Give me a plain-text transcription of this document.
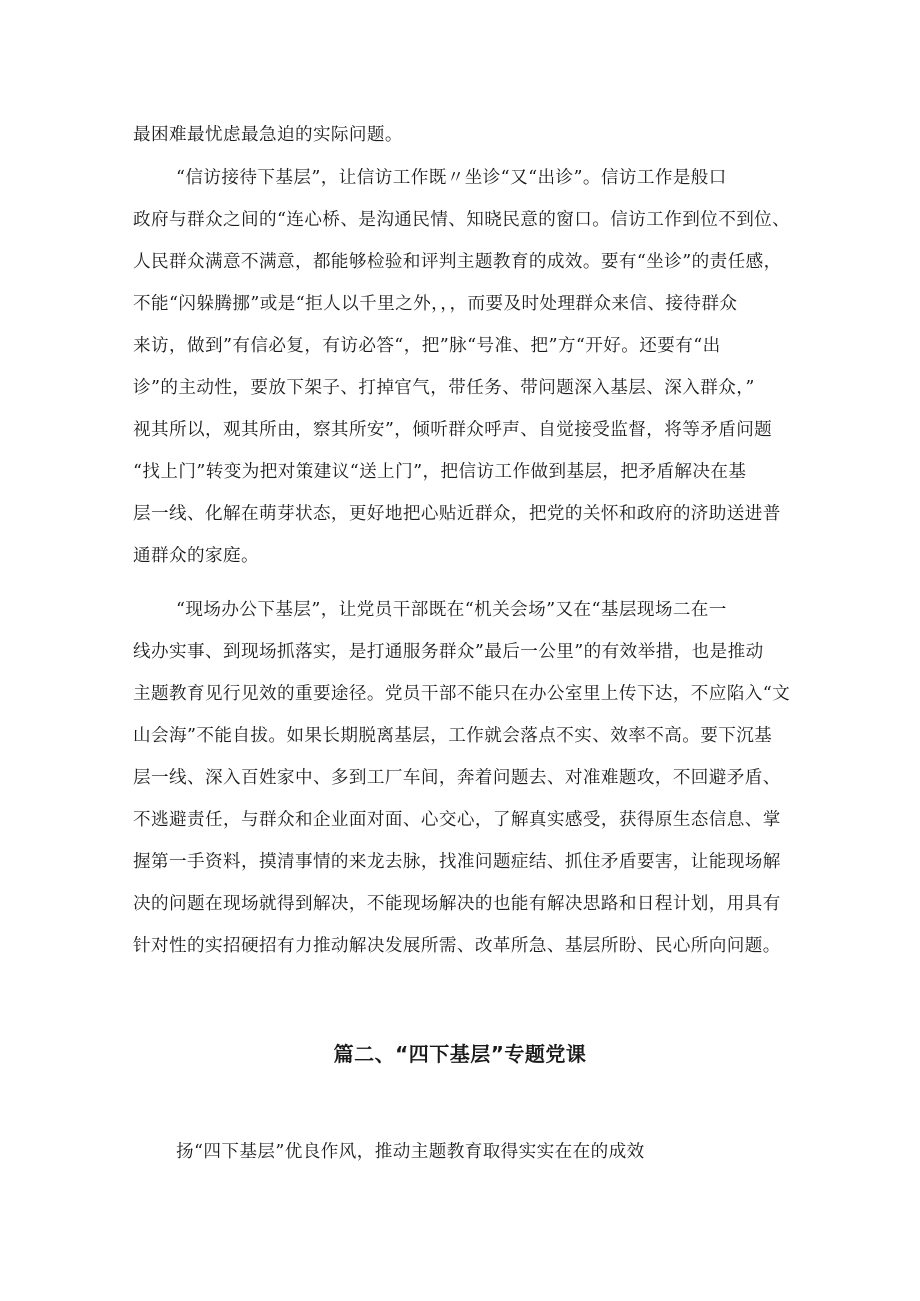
最困难最忧虑最急迫的实际问题。
“信访接待下基层”，让信访工作既〃坐诊“又“出诊”。信访工作是般口
政府与群众之间的“连心桥、是沟通民情、知晓民意的窗口。信访工作到位不到位、
人民群众满意不满意，都能够检验和评判主题教育的成效。要有“坐诊”的责任感，
不能“闪躲腾挪”或是“拒人以千里之外，，，而要及时处理群众来信、接待群众
来访，做到”有信必复，有访必答“，把”脉“号准、把”方“开好。还要有“出
诊”的主动性，要放下架子、打掉官气，带任务、带问题深入基层、深入群众，”
视其所以，观其所由，察其所安”，倾听群众呼声、自觉接受监督，将等矛盾问题
“找上门”转变为把对策建议“送上门”，把信访工作做到基层，把矛盾解决在基
层一线、化解在萌芽状态，更好地把心贴近群众，把党的关怀和政府的济助送进普
通群众的家庭。
“现场办公下基层”，让党员干部既在“机关会场”又在“基层现场二在一
线办实事、到现场抓落实，是打通服务群众”最后一公里”的有效举措，也是推动
主题教育见行见效的重要途径。党员干部不能只在办公室里上传下达，不应陷入“文
山会海”不能自拔。如果长期脱离基层，工作就会落点不实、效率不高。要下沉基
层一线、深入百姓家中、多到工厂车间，奔着问题去、对准难题攻，不回避矛盾、
不逃避责任，与群众和企业面对面、心交心，了解真实感受，获得原生态信息、掌
握第一手资料，摸清事情的来龙去脉，找准问题症结、抓住矛盾要害，让能现场解
决的问题在现场就得到解决，不能现场解决的也能有解决思路和日程计划，用具有
针对性的实招硬招有力推动解决发展所需、改革所急、基层所盼、民心所向问题。
篇二、“四下基层”专题党课
扬“四下基层”优良作风，推动主题教育取得实实在在的成效
